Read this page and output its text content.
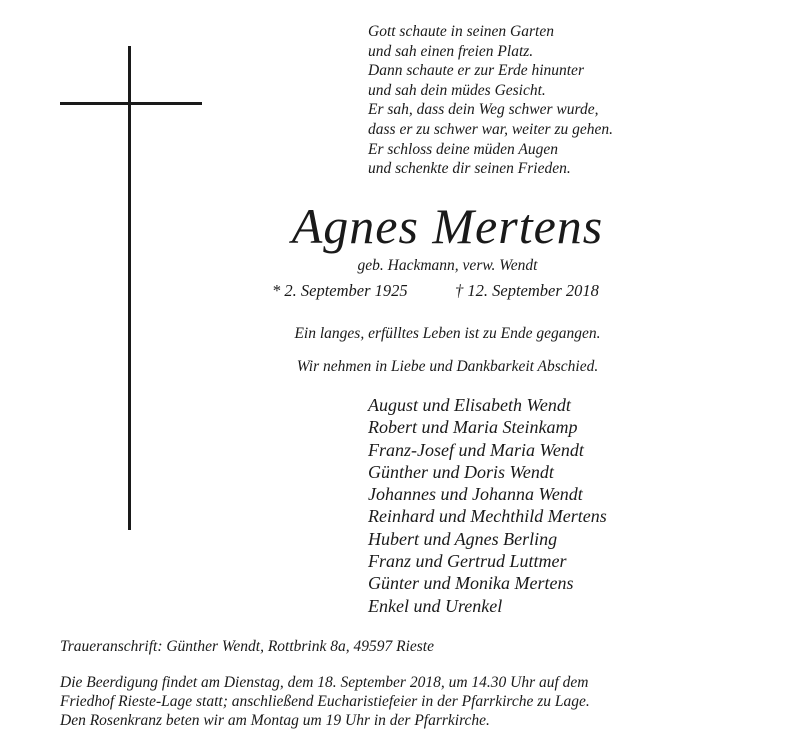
Gott schaute in seinen Garten
und sah einen freien Platz.
Dann schaute er zur Erde hinunter
und sah dein müdes Gesicht.
Er sah, dass dein Weg schwer wurde,
dass er zu schwer war, weiter zu gehen.
Er schloss deine müden Augen
und schenkte dir seinen Frieden.
Agnes Mertens
geb. Hackmann, verw. Wendt
* 2. September 1925	† 12. September 2018
Ein langes, erfülltes Leben ist zu Ende gegangen.
Wir nehmen in Liebe und Dankbarkeit Abschied.
August und Elisabeth Wendt
Robert und Maria Steinkamp
Franz-Josef und Maria Wendt
Günther und Doris Wendt
Johannes und Johanna Wendt
Reinhard und Mechthild Mertens
Hubert und Agnes Berling
Franz und Gertrud Luttmer
Günter und Monika Mertens
Enkel und Urenkel
Traueranschrift: Günther Wendt, Rottbrink 8a, 49597 Rieste
Die Beerdigung findet am Dienstag, dem 18. September 2018, um 14.30 Uhr auf dem
Friedhof Rieste-Lage statt; anschließend Eucharistiefeier in der Pfarrkirche zu Lage.
Den Rosenkranz beten wir am Montag um 19 Uhr in der Pfarrkirche.
